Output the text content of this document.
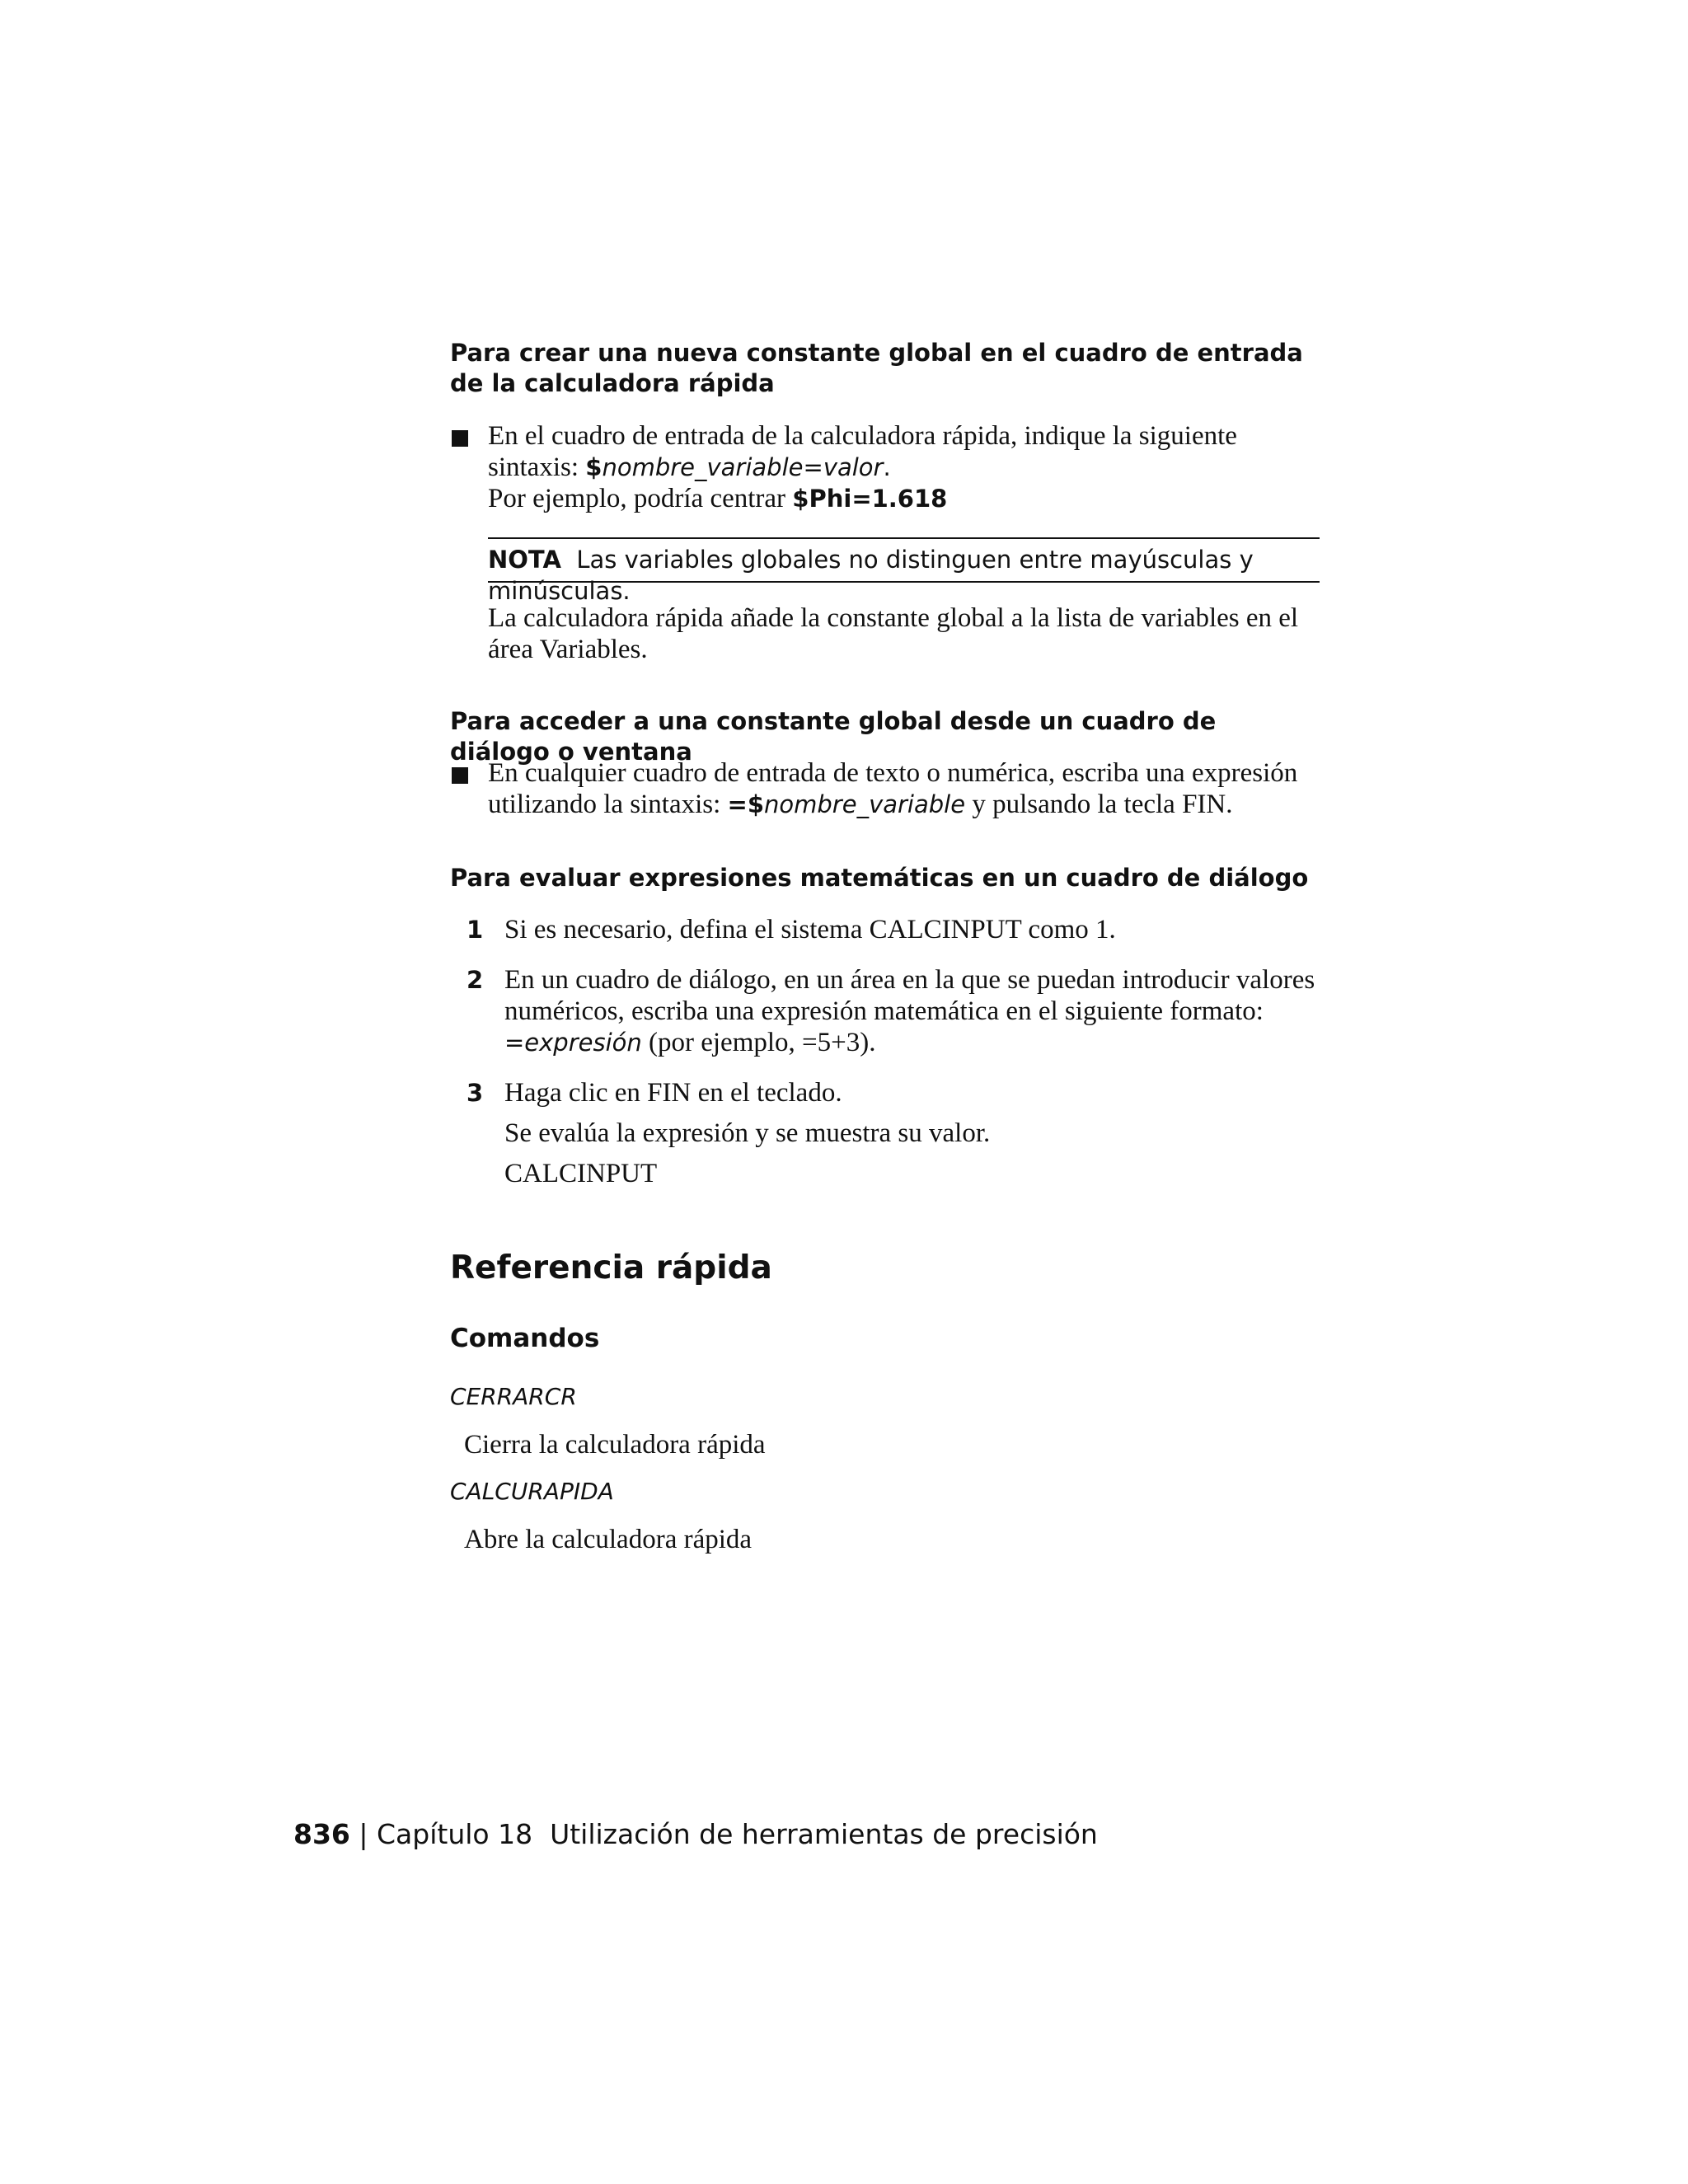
Para crear una nueva constante global en el cuadro de entrada de la calculadora rápida
En el cuadro de entrada de la calculadora rápida, indique la siguiente
sintaxis: $nombre_variable=valor.
Por ejemplo, podría centrar $Phi=1.618
NOTA Las variables globales no distinguen entre mayúsculas y minúsculas.
La calculadora rápida añade la constante global a la lista de variables en el área Variables.
Para acceder a una constante global desde un cuadro de diálogo o ventana
En cualquier cuadro de entrada de texto o numérica, escriba una expresión
utilizando la sintaxis: =$nombre_variable y pulsando la tecla FIN.
Para evaluar expresiones matemáticas en un cuadro de diálogo
1 Si es necesario, defina el sistema CALCINPUT como 1.
2 En un cuadro de diálogo, en un área en la que se puedan introducir valores
numéricos, escriba una expresión matemática en el siguiente formato:
=expresión (por ejemplo, =5+3).
3 Haga clic en FIN en el teclado.
Se evalúa la expresión y se muestra su valor.
CALCINPUT
Referencia rápida
Comandos
CERRARCR
Cierra la calculadora rápida
CALCURAPIDA
Abre la calculadora rápida
836 | Capítulo 18 Utilización de herramientas de precisión
